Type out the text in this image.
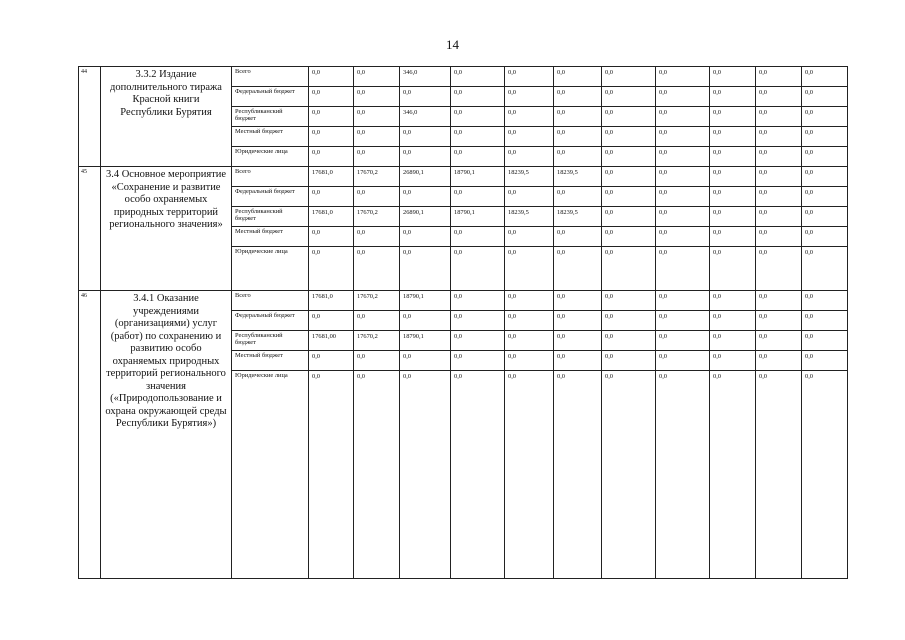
14
44	3.3.2 Издание дополнительного тиража Красной книги Республики Бурятия	Всего	0,0	0,0	346,0	0,0	0,0	0,0	0,0	0,0	0,0	0,0	0,0
		Федеральный бюджет	0,0	0,0	0,0	0,0	0,0	0,0	0,0	0,0	0,0	0,0	0,0
		Республиканский бюджет	0,0	0,0	346,0	0,0	0,0	0,0	0,0	0,0	0,0	0,0	0,0
		Местный бюджет	0,0	0,0	0,0	0,0	0,0	0,0	0,0	0,0	0,0	0,0	0,0
		Юридические лица	0,0	0,0	0,0	0,0	0,0	0,0	0,0	0,0	0,0	0,0	0,0
45	3.4 Основное мероприятие «Сохранение и развитие особо охраняемых природных территорий регионального значения»	Всего	17681,0	17670,2	26890,1	18790,1	18239,5	18239,5	0,0	0,0	0,0	0,0	0,0
		Федеральный бюджет	0,0	0,0	0,0	0,0	0,0	0,0	0,0	0,0	0,0	0,0	0,0
		Республиканский бюджет	17681,0	17670,2	26890,1	18790,1	18239,5	18239,5	0,0	0,0	0,0	0,0	0,0
		Местный бюджет	0,0	0,0	0,0	0,0	0,0	0,0	0,0	0,0	0,0	0,0	0,0
		Юридические лица	0,0	0,0	0,0	0,0	0,0	0,0	0,0	0,0	0,0	0,0	0,0
46	3.4.1 Оказание учреждениями (организациями) услуг (работ) по сохранению и развитию особо охраняемых природных территорий регионального значения («Природопользование и охрана окружающей среды Республики Бурятия»)	Всего	17681,0	17670,2	18790,1	0,0	0,0	0,0	0,0	0,0	0,0	0,0	0,0
		Федеральный бюджет	0,0	0,0	0,0	0,0	0,0	0,0	0,0	0,0	0,0	0,0	0,0
		Республиканский бюджет	17681,00	17670,2	18790,1	0,0	0,0	0,0	0,0	0,0	0,0	0,0	0,0
		Местный бюджет	0,0	0,0	0,0	0,0	0,0	0,0	0,0	0,0	0,0	0,0	0,0
		Юридические лица	0,0	0,0	0,0	0,0	0,0	0,0	0,0	0,0	0,0	0,0	0,0
